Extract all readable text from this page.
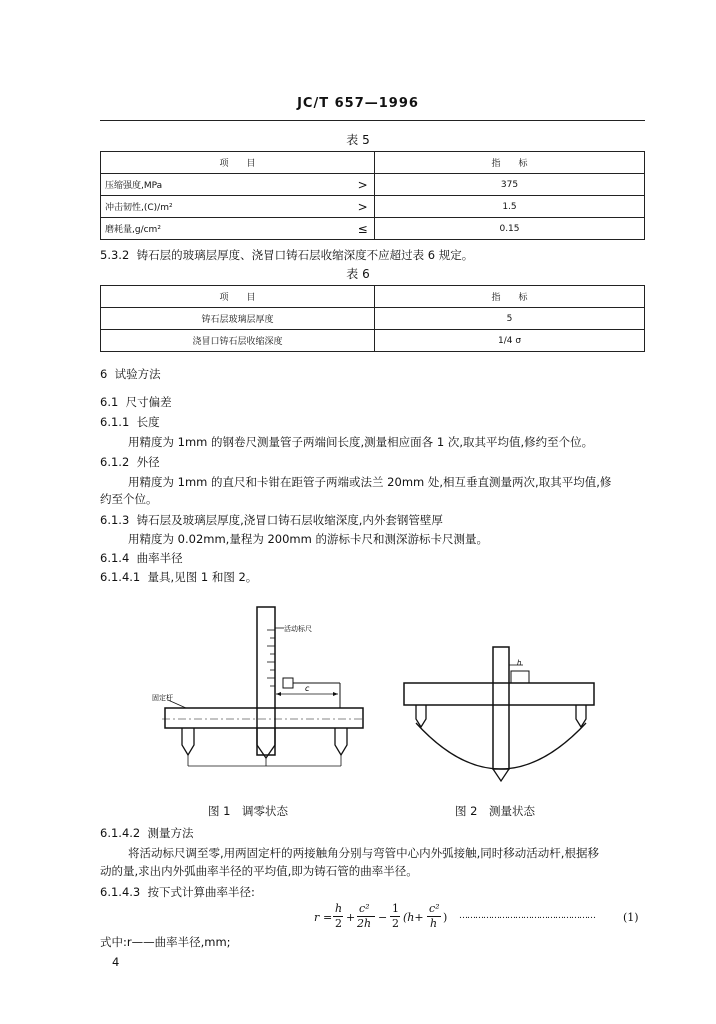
JC/T 657—1996
表 5
项　　目		指　　标
压缩强度,MPa	>	375
冲击韧性,(C)/m²	>	1.5
磨耗量,g/cm²	≤	0.15
5.3.2 铸石层的玻璃层厚度、浇冒口铸石层收缩深度不应超过表 6 规定。
表 6
项　　目	指　　标
铸石层玻璃层厚度	5
浇冒口铸石层收缩深度	1/4 σ
6 试验方法
6.1 尺寸偏差
6.1.1 长度
用精度为 1mm 的钢卷尺测量管子两端间长度,测量相应面各 1 次,取其平均值,修约至个位。
6.1.2 外径
用精度为 1mm 的直尺和卡钳在距管子两端或法兰 20mm 处,相互垂直测量两次,取其平均值,修
约至个位。
6.1.3 铸石层及玻璃层厚度,浇冒口铸石层收缩深度,内外套钢管壁厚
用精度为 0.02mm,量程为 200mm 的游标卡尺和测深游标卡尺测量。
6.1.4 曲率半径
6.1.4.1 量具,见图 1 和图 2。
活动标尺
c
固定杆
图 1　调零状态
h
图 2　测量状态
6.1.4.2 测量方法
将活动标尺调至零,用两固定杆的两接触角分别与弯管中心内外弧接触,同时移动活动杆,根据移
动的量,求出内外弧曲率半径的平均值,即为铸石管的曲率半径。
6.1.4.3 按下式计算曲率半径:
r =
h
2 +
c²
2h −
1
2 (h+
c²
h ) ……………………………………………	(1)
式中:r——曲率半径,mm;
4
